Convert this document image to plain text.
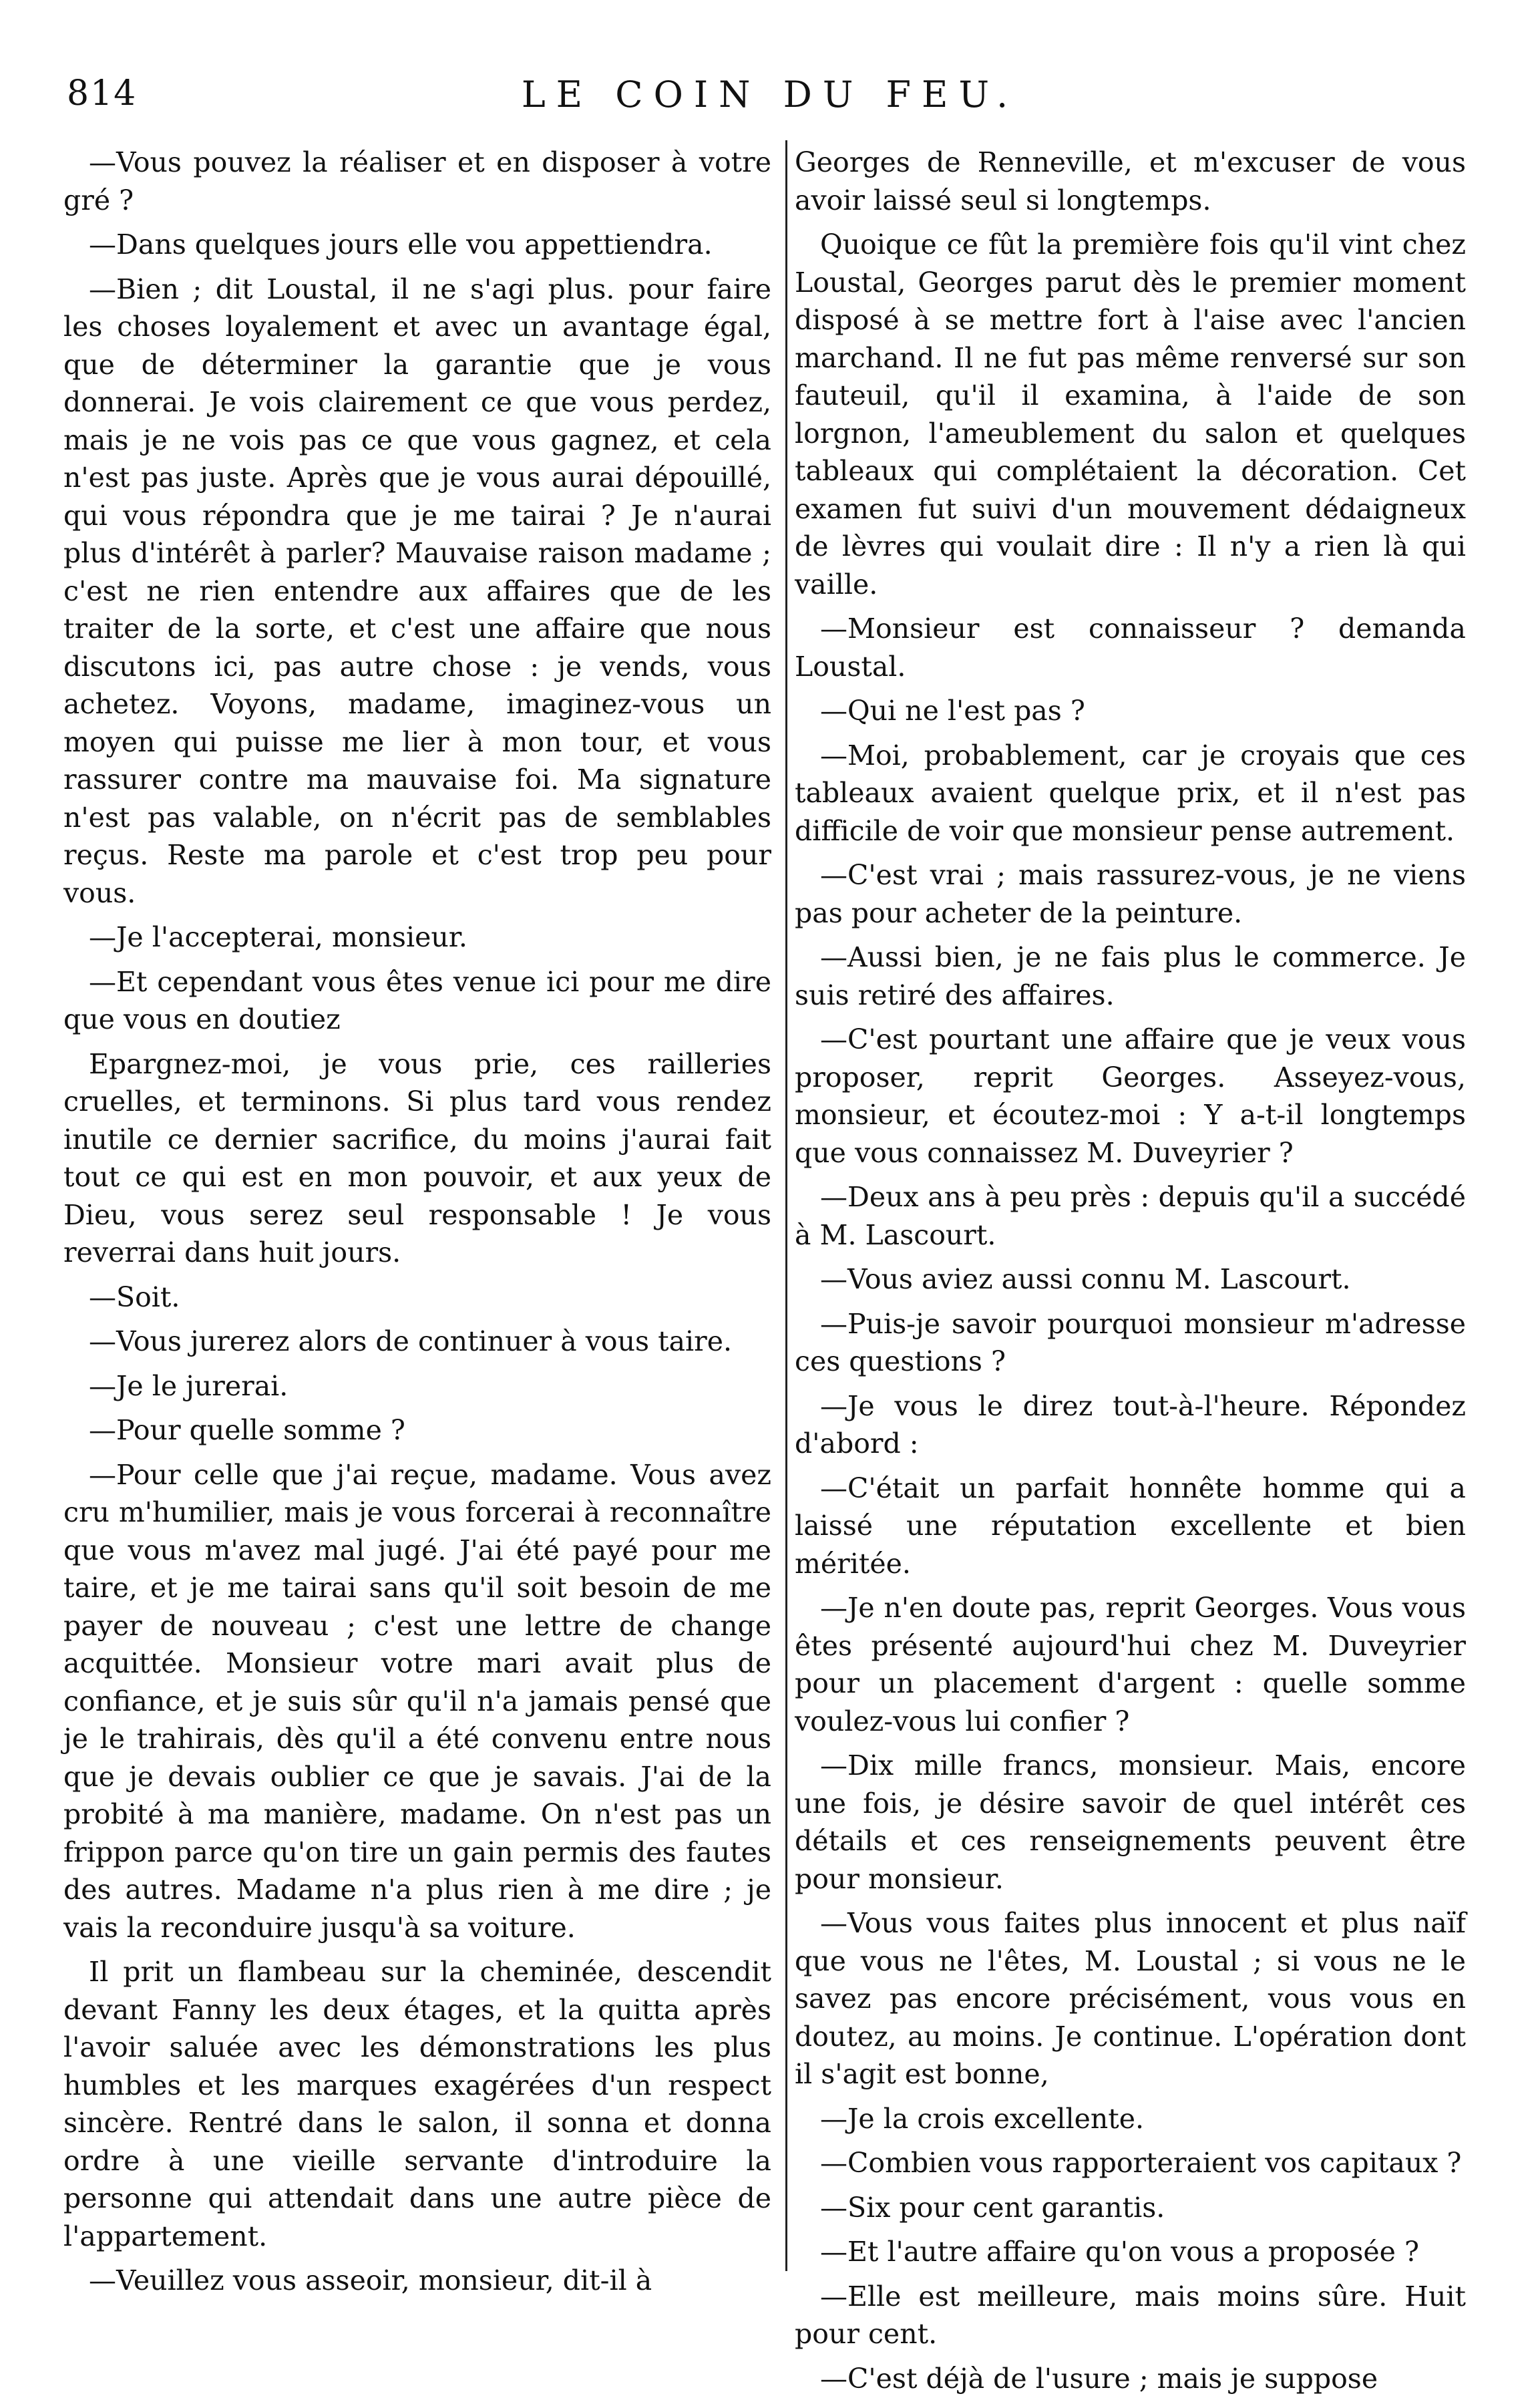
814	LE COIN DU FEU.

—Vous pouvez la réaliser et en disposer à votre gré ?

—Dans quelques jours elle vou appettiendra.

—Bien ; dit Loustal, il ne s'agi plus. pour faire les choses loyalement et avec un avantage égal, que de déterminer la garantie que je vous donnerai. Je vois clairement ce que vous perdez, mais je ne vois pas ce que vous gagnez, et cela n'est pas juste. Après que je vous aurai dépouillé, qui vous répondra que je me tairai ? Je n'aurai plus d'intérêt à parler? Mauvaise raison madame ; c'est ne rien entendre aux affaires que de les traiter de la sorte, et c'est une affaire que nous discutons ici, pas autre chose : je vends, vous achetez. Voyons, madame, imaginez-vous un moyen qui puisse me lier à mon tour, et vous rassurer contre ma mauvaise foi. Ma signature n'est pas valable, on n'écrit pas de semblables reçus. Reste ma parole et c'est trop peu pour vous.

—Je l'accepterai, monsieur.

—Et cependant vous êtes venue ici pour me dire que vous en doutiez

Epargnez-moi, je vous prie, ces railleries cruelles, et terminons. Si plus tard vous rendez inutile ce dernier sacrifice, du moins j'aurai fait tout ce qui est en mon pouvoir, et aux yeux de Dieu, vous serez seul responsable ! Je vous reverrai dans huit jours.

—Soit.

—Vous jurerez alors de continuer à vous taire.

—Je le jurerai.

—Pour quelle somme ?

—Pour celle que j'ai reçue, madame. Vous avez cru m'humilier, mais je vous forcerai à reconnaître que vous m'avez mal jugé. J'ai été payé pour me taire, et je me tairai sans qu'il soit besoin de me payer de nouveau ; c'est une lettre de change acquittée. Monsieur votre mari avait plus de confiance, et je suis sûr qu'il n'a jamais pensé que je le trahirais, dès qu'il a été convenu entre nous que je devais oublier ce que je savais. J'ai de la probité à ma manière, madame. On n'est pas un frippon parce qu'on tire un gain permis des fautes des autres. Madame n'a plus rien à me dire ; je vais la reconduire jusqu'à sa voiture.

Il prit un flambeau sur la cheminée, descendit devant Fanny les deux étages, et la quitta après l'avoir saluée avec les démonstrations les plus humbles et les marques exagérées d'un respect sincère. Rentré dans le salon, il sonna et donna ordre à une vieille servante d'introduire la personne qui attendait dans une autre pièce de l'appartement.

—Veuillez vous asseoir, monsieur, dit-il à

Georges de Renneville, et m'excuser de vous avoir laissé seul si longtemps.

Quoique ce fût la première fois qu'il vint chez Loustal, Georges parut dès le premier moment disposé à se mettre fort à l'aise avec l'ancien marchand. Il ne fut pas même renversé sur son fauteuil, qu'il il examina, à l'aide de son lorgnon, l'ameublement du salon et quelques tableaux qui complétaient la décoration. Cet examen fut suivi d'un mouvement dédaigneux de lèvres qui voulait dire : Il n'y a rien là qui vaille.

—Monsieur est connaisseur ? demanda Loustal.

—Qui ne l'est pas ?

—Moi, probablement, car je croyais que ces tableaux avaient quelque prix, et il n'est pas difficile de voir que monsieur pense autrement.

—C'est vrai ; mais rassurez-vous, je ne viens pas pour acheter de la peinture.

—Aussi bien, je ne fais plus le commerce. Je suis retiré des affaires.

—C'est pourtant une affaire que je veux vous proposer, reprit Georges. Asseyez-vous, monsieur, et écoutez-moi : Y a-t-il longtemps que vous connaissez M. Duveyrier ?

—Deux ans à peu près : depuis qu'il a succédé à M. Lascourt.

—Vous aviez aussi connu M. Lascourt.

—Puis-je savoir pourquoi monsieur m'adresse ces questions ?

—Je vous le direz tout-à-l'heure. Répondez d'abord :

—C'était un parfait honnête homme qui a laissé une réputation excellente et bien méritée.

—Je n'en doute pas, reprit Georges. Vous vous êtes présenté aujourd'hui chez M. Duveyrier pour un placement d'argent : quelle somme voulez-vous lui confier ?

—Dix mille francs, monsieur. Mais, encore une fois, je désire savoir de quel intérêt ces détails et ces renseignements peuvent être pour monsieur.

—Vous vous faites plus innocent et plus naïf que vous ne l'êtes, M. Loustal ; si vous ne le savez pas encore précisément, vous vous en doutez, au moins. Je continue. L'opération dont il s'agit est bonne,

—Je la crois excellente.

—Combien vous rapporteraient vos capitaux ?

—Six pour cent garantis.

—Et l'autre affaire qu'on vous a proposée ?

—Elle est meilleure, mais moins sûre. Huit pour cent.

—C'est déjà de l'usure ; mais je suppose
